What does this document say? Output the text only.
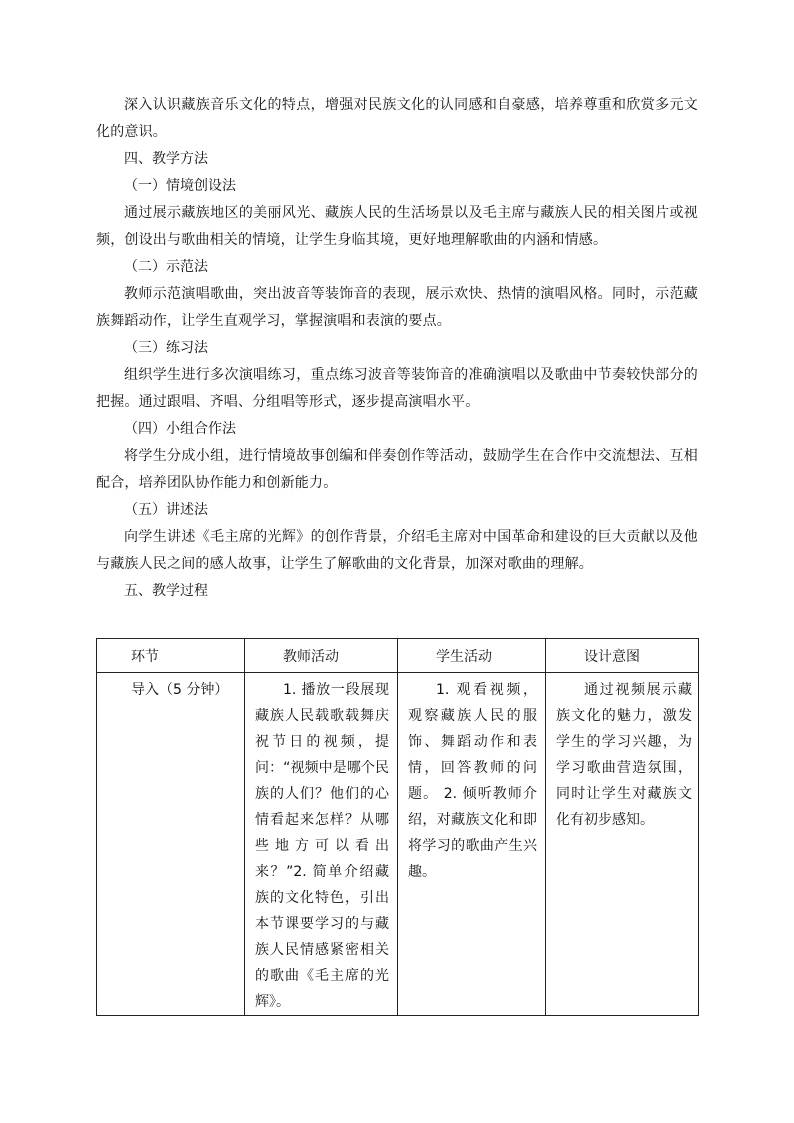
深入认识藏族音乐文化的特点，增强对民族文化的认同感和自豪感，培养尊重和欣赏多元文化的意识。

四、教学方法

（一）情境创设法

通过展示藏族地区的美丽风光、藏族人民的生活场景以及毛主席与藏族人民的相关图片或视频，创设出与歌曲相关的情境，让学生身临其境，更好地理解歌曲的内涵和情感。

（二）示范法

教师示范演唱歌曲，突出波音等装饰音的表现，展示欢快、热情的演唱风格。同时，示范藏族舞蹈动作，让学生直观学习，掌握演唱和表演的要点。

（三）练习法

组织学生进行多次演唱练习，重点练习波音等装饰音的准确演唱以及歌曲中节奏较快部分的把握。通过跟唱、齐唱、分组唱等形式，逐步提高演唱水平。

（四）小组合作法

将学生分成小组，进行情境故事创编和伴奏创作等活动，鼓励学生在合作中交流想法、互相配合，培养团队协作能力和创新能力。

（五）讲述法

向学生讲述《毛主席的光辉》的创作背景，介绍毛主席对中国革命和建设的巨大贡献以及他与藏族人民之间的感人故事，让学生了解歌曲的文化背景，加深对歌曲的理解。

五、教学过程

环节	教师活动	学生活动	设计意图
导入（5 分钟）	1. 播放一段展现藏族人民载歌载舞庆祝节日的视频，提问：“视频中是哪个民族的人们？他们的心情看起来怎样？从哪些地方可以看出来？”2. 简单介绍藏族的文化特色，引出本节课要学习的与藏族人民情感紧密相关的歌曲《毛主席的光辉》。	1. 观看视频，观察藏族人民的服饰、舞蹈动作和表情，回答教师的问题。 2. 倾听教师介绍，对藏族文化和即将学习的歌曲产生兴趣。	通过视频展示藏族文化的魅力，激发学生的学习兴趣，为学习歌曲营造氛围，同时让学生对藏族文化有初步感知。
